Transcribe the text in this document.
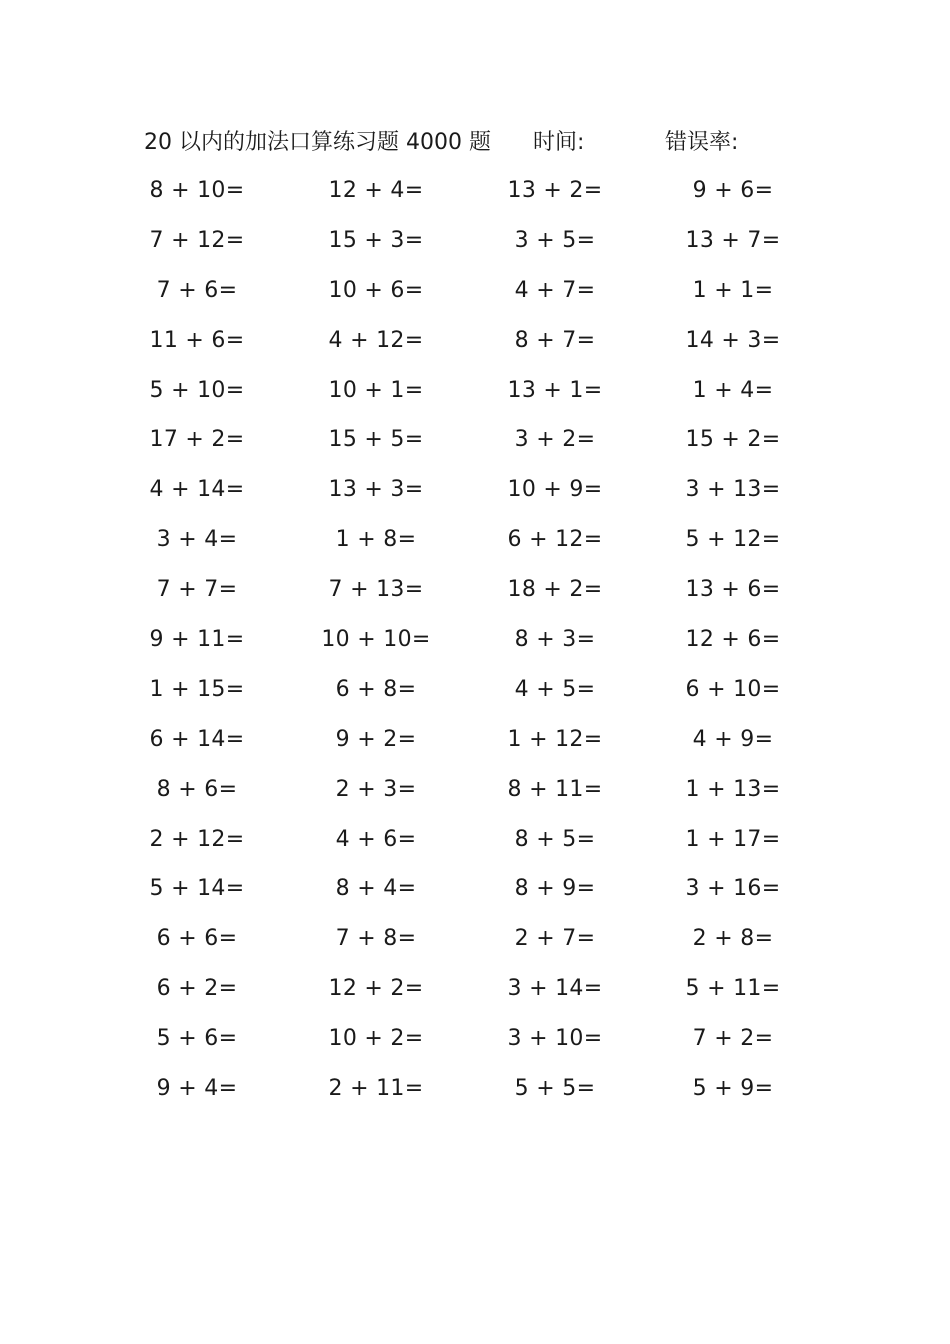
20 以内的加法口算练习题 4000 题 时间:	错误率:
8 + 10=	12 + 4=	13 + 2=	9 + 6=
7 + 12=	15 + 3=	3 + 5=	13 + 7=
7 + 6=	10 + 6=	4 + 7=	1 + 1=
11 + 6=	4 + 12=	8 + 7=	14 + 3=
5 + 10=	10 + 1=	13 + 1=	1 + 4=
17 + 2=	15 + 5=	3 + 2=	15 + 2=
4 + 14=	13 + 3=	10 + 9=	3 + 13=
3 + 4=	1 + 8=	6 + 12=	5 + 12=
7 + 7=	7 + 13=	18 + 2=	13 + 6=
9 + 11=	10 + 10=	8 + 3=	12 + 6=
1 + 15=	6 + 8=	4 + 5=	6 + 10=
6 + 14=	9 + 2=	1 + 12=	4 + 9=
8 + 6=	2 + 3=	8 + 11=	1 + 13=
2 + 12=	4 + 6=	8 + 5=	1 + 17=
5 + 14=	8 + 4=	8 + 9=	3 + 16=
6 + 6=	7 + 8=	2 + 7=	2 + 8=
6 + 2=	12 + 2=	3 + 14=	5 + 11=
5 + 6=	10 + 2=	3 + 10=	7 + 2=
9 + 4=	2 + 11=	5 + 5=	5 + 9=
